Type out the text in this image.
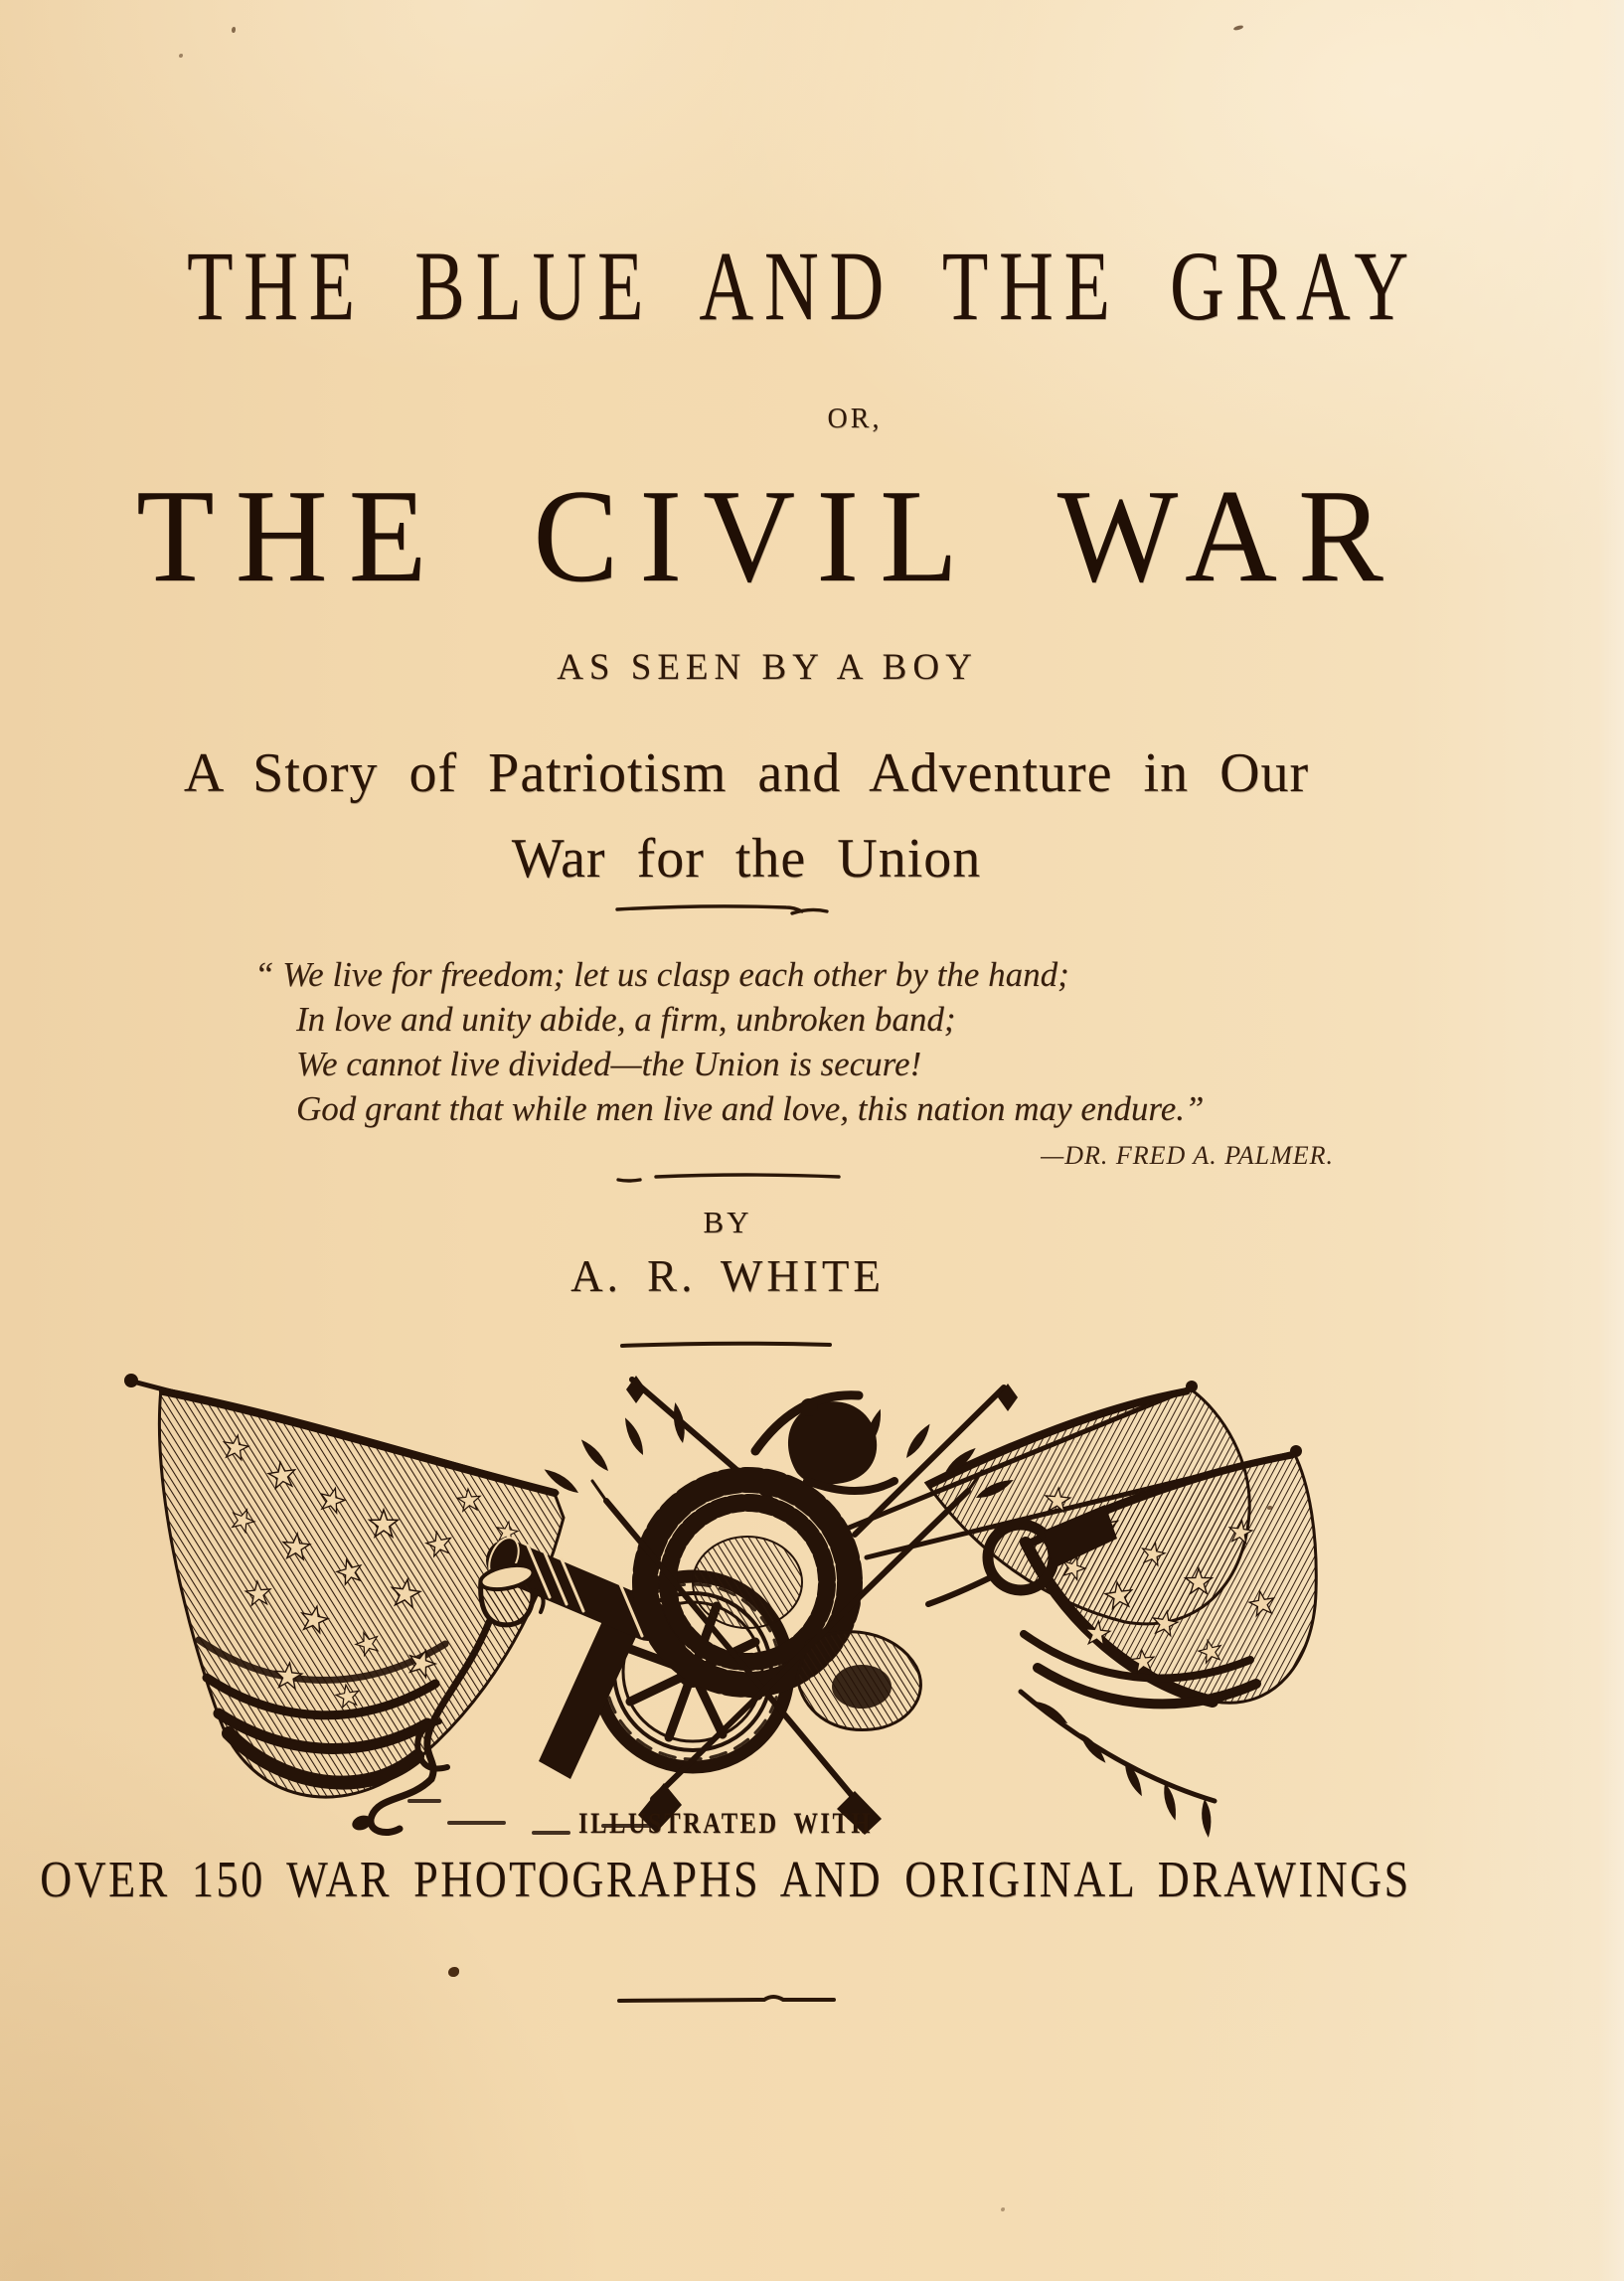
THE BLUE AND THE GRAY
OR,
THE CIVIL WAR
AS SEEN BY A BOY
A Story of Patriotism and Adventure in Our
War for the Union
“ We live for freedom; let us clasp each other by the hand;
In love and unity abide, a firm, unbroken band;
We cannot live divided—the Union is secure!
God grant that while men live and love, this nation may endure.”
—DR. FRED A. PALMER.
BY
A. R. WHITE
ILLUSTRATED WITH
OVER 150 WAR PHOTOGRAPHS AND ORIGINAL DRAWINGS
